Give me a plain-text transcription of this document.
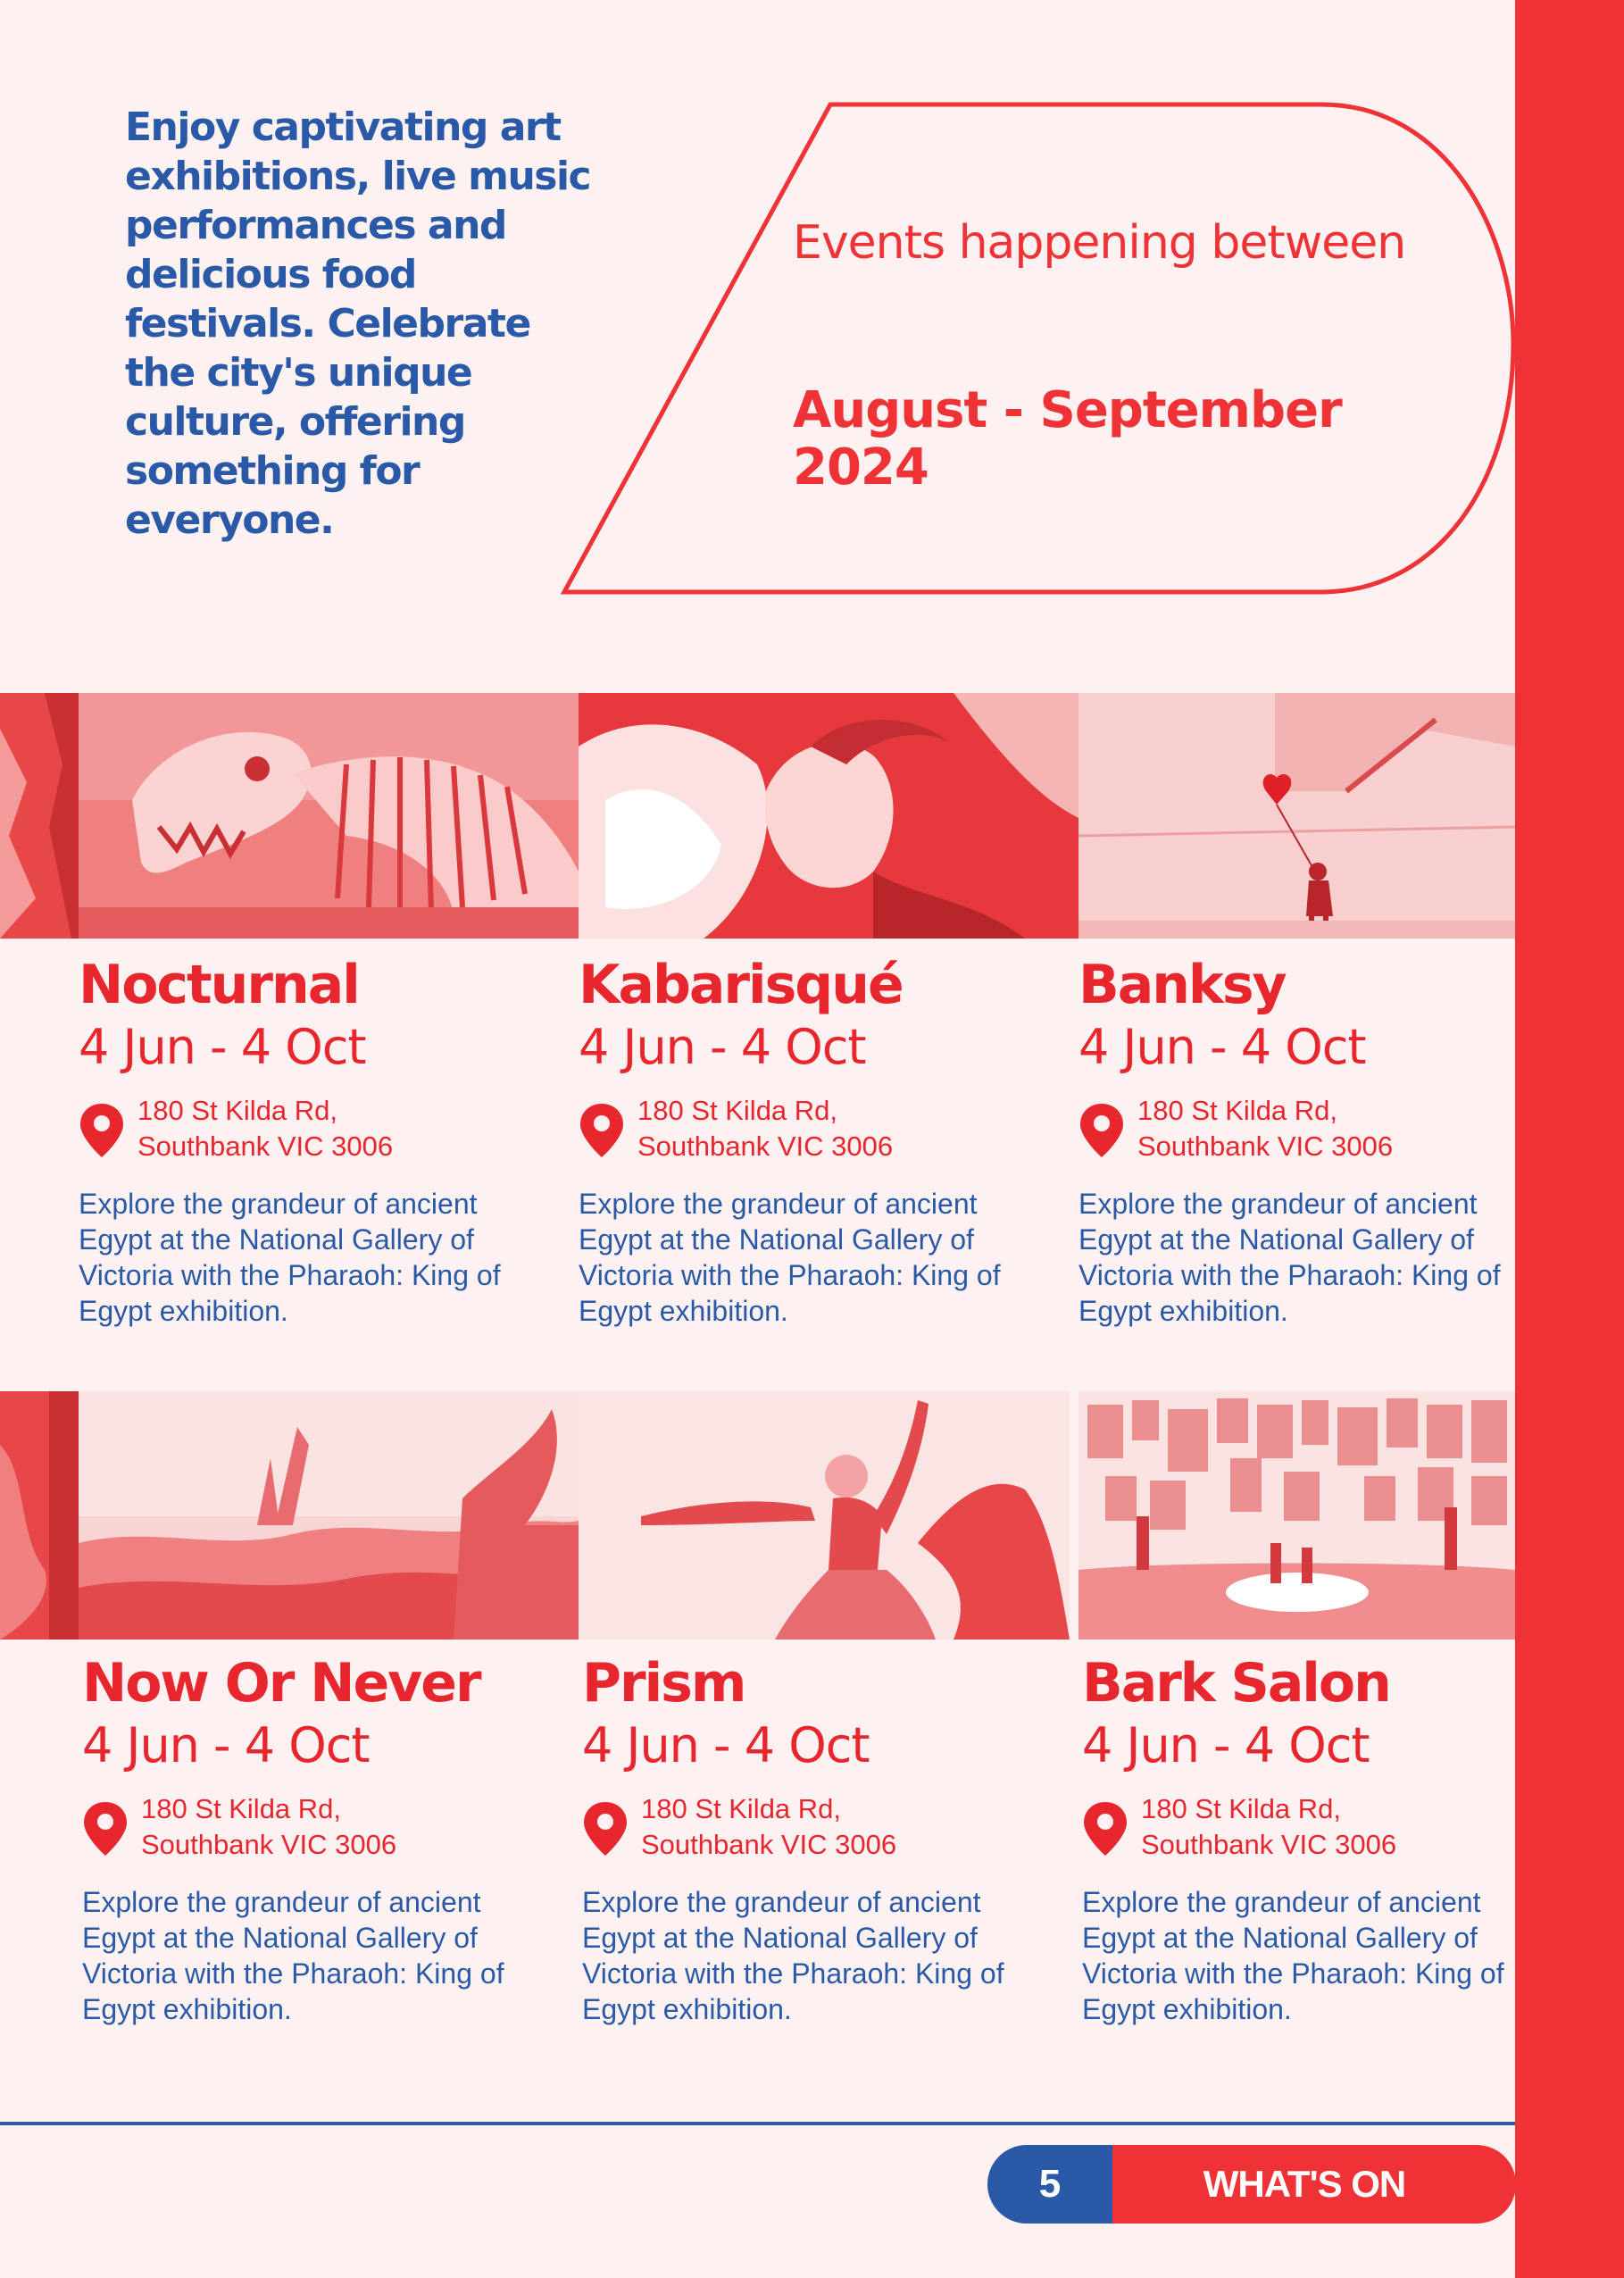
Enjoy captivating art exhibitions, live music performances and delicious food festivals. Celebrate the city's unique culture, offering something for everyone.

Events happening between

August - September 2024

Nocturnal

4 Jun - 4 Oct

180 St Kilda Rd,
Southbank VIC 3006

Explore the grandeur of ancient Egypt at the National Gallery of Victoria with the Pharaoh: King of Egypt exhibition.

Kabarisqué

4 Jun - 4 Oct

180 St Kilda Rd,
Southbank VIC 3006

Explore the grandeur of ancient Egypt at the National Gallery of Victoria with the Pharaoh: King of Egypt exhibition.

Banksy

4 Jun - 4 Oct

180 St Kilda Rd,
Southbank VIC 3006

Explore the grandeur of ancient Egypt at the National Gallery of Victoria with the Pharaoh: King of Egypt exhibition.

Now Or Never

4 Jun - 4 Oct

180 St Kilda Rd,
Southbank VIC 3006

Explore the grandeur of ancient Egypt at the National Gallery of Victoria with the Pharaoh: King of Egypt exhibition.

Prism

4 Jun - 4 Oct

180 St Kilda Rd,
Southbank VIC 3006

Explore the grandeur of ancient Egypt at the National Gallery of Victoria with the Pharaoh: King of Egypt exhibition.

Bark Salon

4 Jun - 4 Oct

180 St Kilda Rd,
Southbank VIC 3006

Explore the grandeur of ancient Egypt at the National Gallery of Victoria with the Pharaoh: King of Egypt exhibition.

5	WHAT'S ON
